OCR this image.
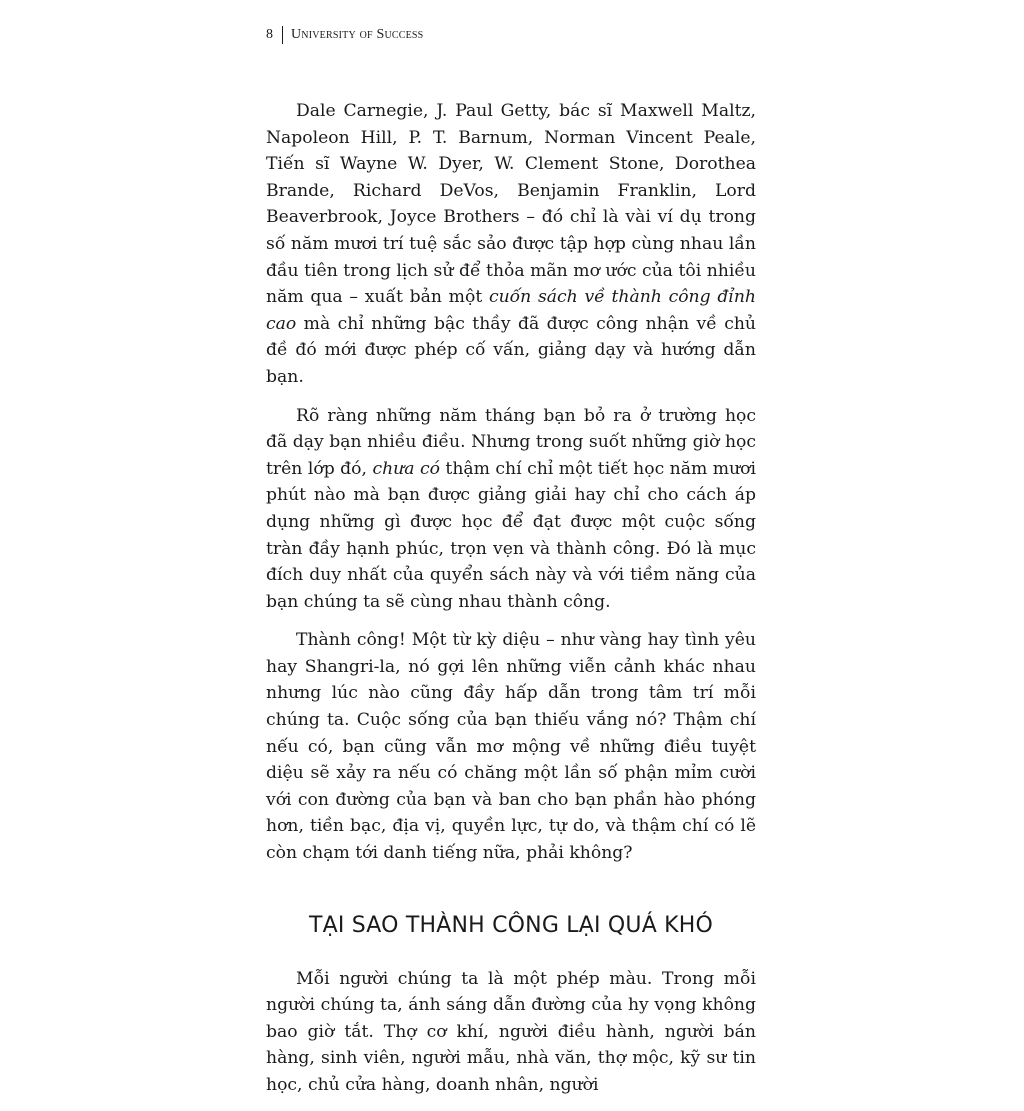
8 University of Success

Dale Carnegie, J. Paul Getty, bác sĩ Maxwell Maltz, Napoleon Hill, P. T. Barnum, Norman Vincent Peale, Tiến sĩ Wayne W. Dyer, W. Clement Stone, Dorothea Brande, Richard DeVos, Benjamin Franklin, Lord Beaverbrook, Joyce Brothers – đó chỉ là vài ví dụ trong số năm mươi trí tuệ sắc sảo được tập hợp cùng nhau lần đầu tiên trong lịch sử để thỏa mãn mơ ước của tôi nhiều năm qua – xuất bản một cuốn sách về thành công đỉnh cao mà chỉ những bậc thầy đã được công nhận về chủ đề đó mới được phép cố vấn, giảng dạy và hướng dẫn bạn.

Rõ ràng những năm tháng bạn bỏ ra ở trường học đã dạy bạn nhiều điều. Nhưng trong suốt những giờ học trên lớp đó, chưa có thậm chí chỉ một tiết học năm mươi phút nào mà bạn được giảng giải hay chỉ cho cách áp dụng những gì được học để đạt được một cuộc sống tràn đầy hạnh phúc, trọn vẹn và thành công. Đó là mục đích duy nhất của quyển sách này và với tiềm năng của bạn chúng ta sẽ cùng nhau thành công.

Thành công! Một từ kỳ diệu – như vàng hay tình yêu hay Shangri-la, nó gợi lên những viễn cảnh khác nhau nhưng lúc nào cũng đầy hấp dẫn trong tâm trí mỗi chúng ta. Cuộc sống của bạn thiếu vắng nó? Thậm chí nếu có, bạn cũng vẫn mơ mộng về những điều tuyệt diệu sẽ xảy ra nếu có chăng một lần số phận mỉm cười với con đường của bạn và ban cho bạn phần hào phóng hơn, tiền bạc, địa vị, quyền lực, tự do, và thậm chí có lẽ còn chạm tới danh tiếng nữa, phải không?

TẠI SAO THÀNH CÔNG LẠI QUÁ KHÓ

Mỗi người chúng ta là một phép màu. Trong mỗi người chúng ta, ánh sáng dẫn đường của hy vọng không bao giờ tắt. Thợ cơ khí, người điều hành, người bán hàng, sinh viên, người mẫu, nhà văn, thợ mộc, kỹ sư tin học, chủ cửa hàng, doanh nhân, người
